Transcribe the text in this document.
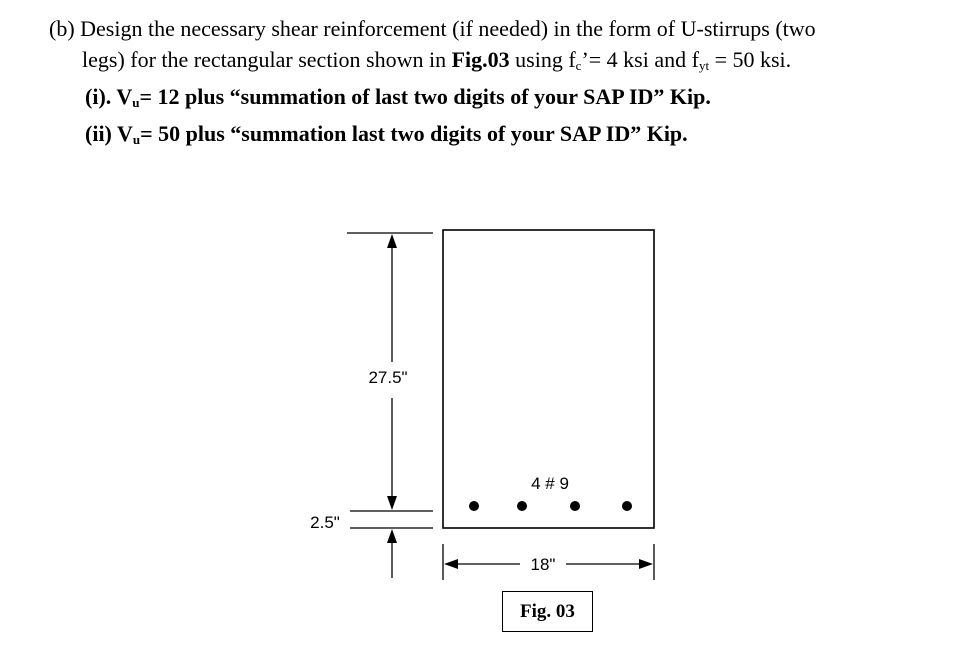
(b) Design the necessary shear reinforcement (if needed) in the form of U-stirrups (two
legs) for the rectangular section shown in Fig.03 using $f_c’= 4$ ksi and $f_{yt} = 50$ ksi.
(i). $V_u= 12$ plus “summation of last two digits of your SAP ID” Kip.
(ii) $V_u= 50$ plus “summation last two digits of your SAP ID” Kip.
27.5"
2.5"
4 # 9
18"
Fig. 03
